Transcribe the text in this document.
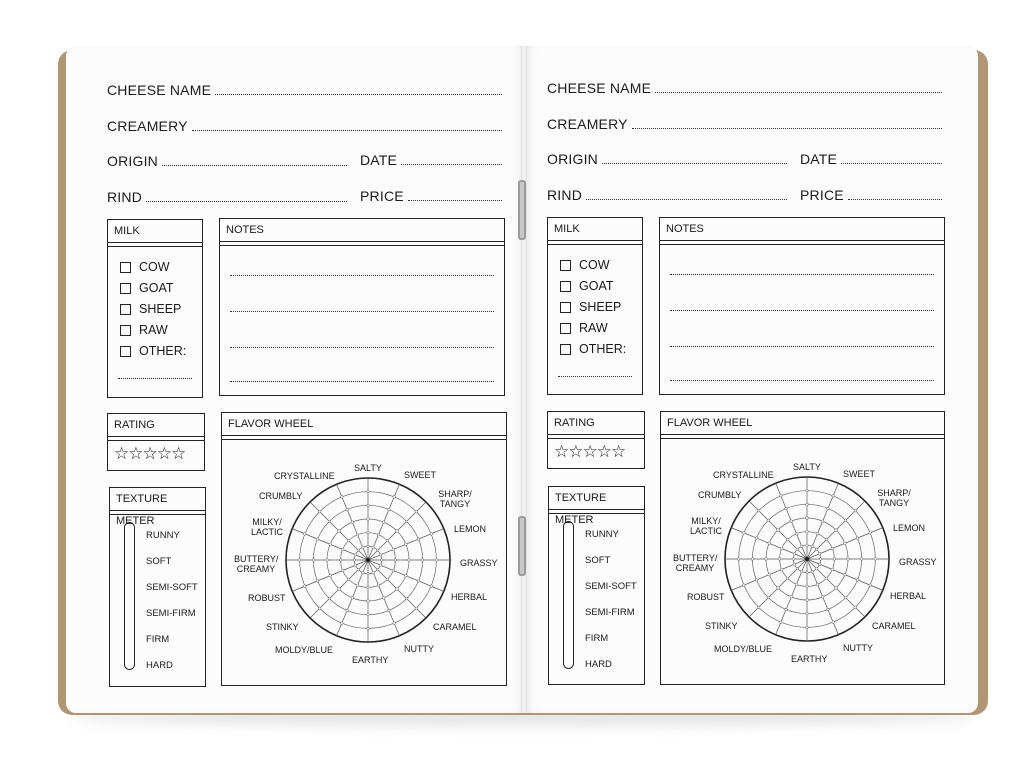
CHEESE NAME
CREAMERY
ORIGIN	DATE
RIND	PRICE
MILK
COW
GOAT
SHEEP
RAW
OTHER:
NOTES
RATING
☆☆☆☆☆
TEXTURE METER
RUNNY
SOFT
SEMI-SOFT
SEMI-FIRM
FIRM
HARD
FLAVOR WHEEL
SALTY
SWEET
SHARP/ TANGY
LEMON
GRASSY
HERBAL
CARAMEL
NUTTY
EARTHY
MOLDY/BLUE
STINKY
ROBUST
BUTTERY/ CREAMY
MILKY/ LACTIC
CRUMBLY
CRYSTALLINE
CHEESE NAME
CREAMERY
ORIGIN	DATE
RIND	PRICE
MILK
COW
GOAT
SHEEP
RAW
OTHER:
NOTES
RATING
☆☆☆☆☆
TEXTURE METER
RUNNY
SOFT
SEMI-SOFT
SEMI-FIRM
FIRM
HARD
FLAVOR WHEEL
SALTY
SWEET
SHARP/ TANGY
LEMON
GRASSY
HERBAL
CARAMEL
NUTTY
EARTHY
MOLDY/BLUE
STINKY
ROBUST
BUTTERY/ CREAMY
MILKY/ LACTIC
CRUMBLY
CRYSTALLINE
